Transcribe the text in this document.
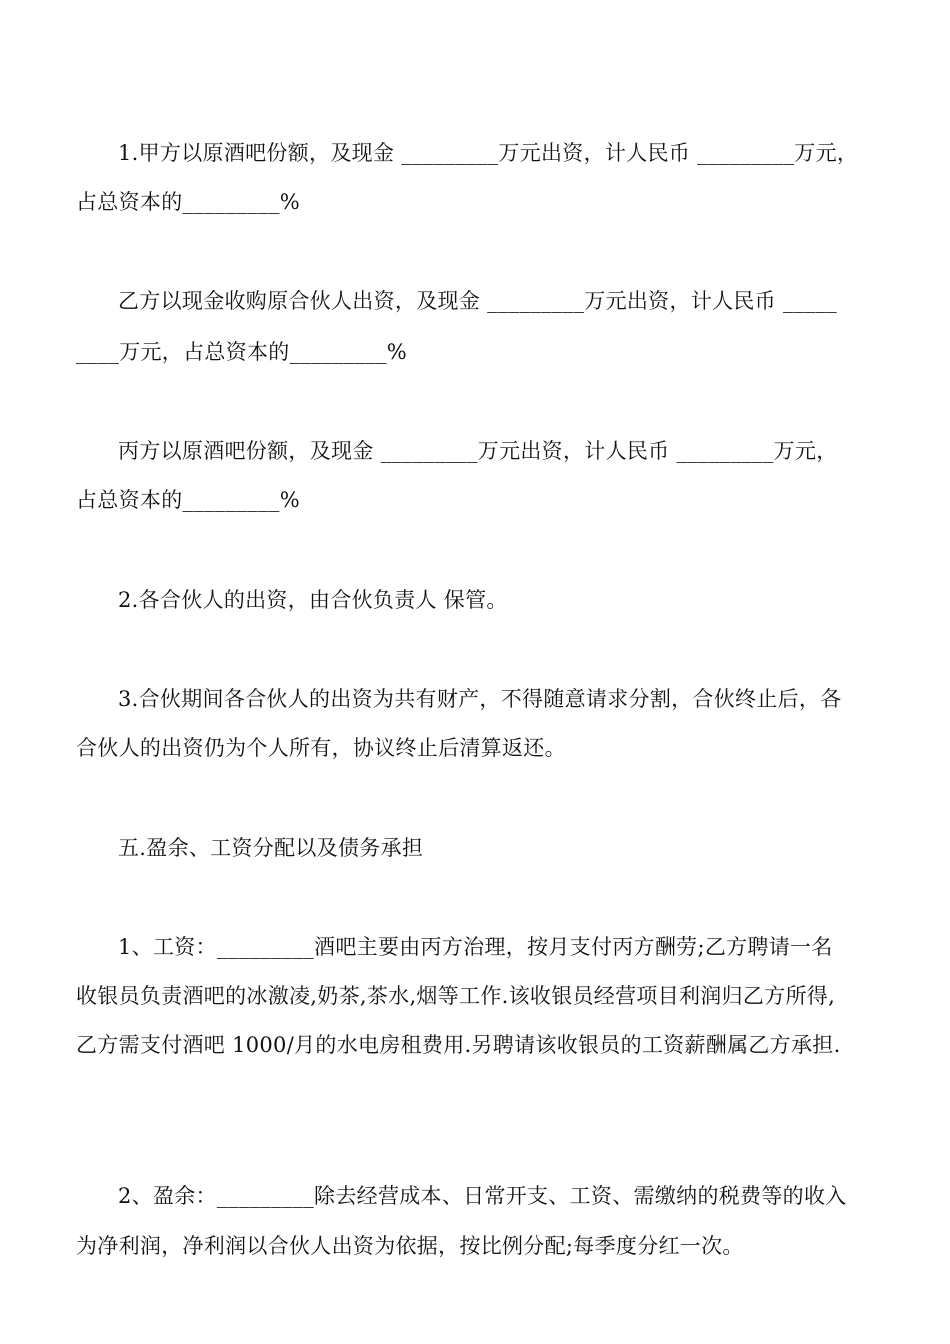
1.甲方以原酒吧份额，及现金 _________万元出资，计人民币 _________万元，
占总资本的_________%
乙方以现金收购原合伙人出资，及现金 _________万元出资，计人民币 _____
____万元，占总资本的_________%
丙方以原酒吧份额，及现金 _________万元出资，计人民币 _________万元，
占总资本的_________%
2.各合伙人的出资，由合伙负责人 保管。
3.合伙期间各合伙人的出资为共有财产，不得随意请求分割，合伙终止后，各
合伙人的出资仍为个人所有，协议终止后清算返还。
五.盈余、工资分配以及债务承担
1、工资：_________酒吧主要由丙方治理，按月支付丙方酬劳;乙方聘请一名
收银员负责酒吧的冰激凌,奶茶,茶水,烟等工作.该收银员经营项目利润归乙方所得,
乙方需支付酒吧 1000/月的水电房租费用.另聘请该收银员的工资薪酬属乙方承担.
2、盈余：_________除去经营成本、日常开支、工资、需缴纳的税费等的收入
为净利润，净利润以合伙人出资为依据，按比例分配;每季度分红一次。
